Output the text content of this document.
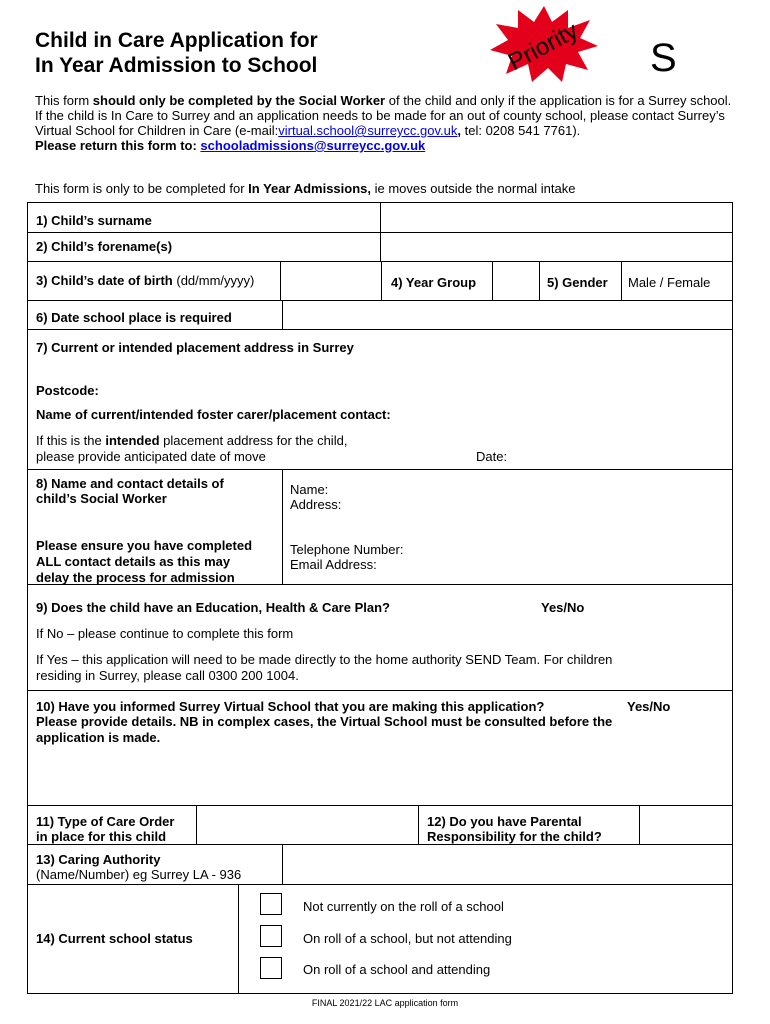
Child in Care Application for
In Year Admission to School	Priority S
This form should only be completed by the Social Worker of the child and only if the application is for a Surrey school. If the child is In Care to Surrey and an application needs to be made for an out of county school, please contact Surrey’s Virtual School for Children in Care (e-mail:virtual.school@surreycc.gov.uk, tel: 0208 541 7761).
Please return this form to: schooladmissions@surreycc.gov.uk
This form is only to be completed for In Year Admissions, ie moves outside the normal intake
1) Child’s surname
2) Child’s forename(s)
3) Child’s date of birth (dd/mm/yyyy)	4) Year Group	5) Gender Male / Female
6) Date school place is required
7) Current or intended placement address in Surrey
Postcode:
Name of current/intended foster carer/placement contact:
If this is the intended placement address for the child,
please provide anticipated date of move	Date:
8) Name and contact details of
child’s Social Worker
Please ensure you have completed
ALL contact details as this may
delay the process for admission
Name:
Address:
Telephone Number:
Email Address:
9) Does the child have an Education, Health & Care Plan?	Yes/No
If No – please continue to complete this form
If Yes – this application will need to be made directly to the home authority SEND Team. For children
residing in Surrey, please call 0300 200 1004.
10) Have you informed Surrey Virtual School that you are making this application?	Yes/No
Please provide details. NB in complex cases, the Virtual School must be consulted before the
application is made.
11) Type of Care Order
in place for this child
12) Do you have Parental
Responsibility for the child?
13) Caring Authority
(Name/Number) eg Surrey LA - 936
14) Current school status
Not currently on the roll of a school
On roll of a school, but not attending
On roll of a school and attending
FINAL 2021/22 LAC application form
